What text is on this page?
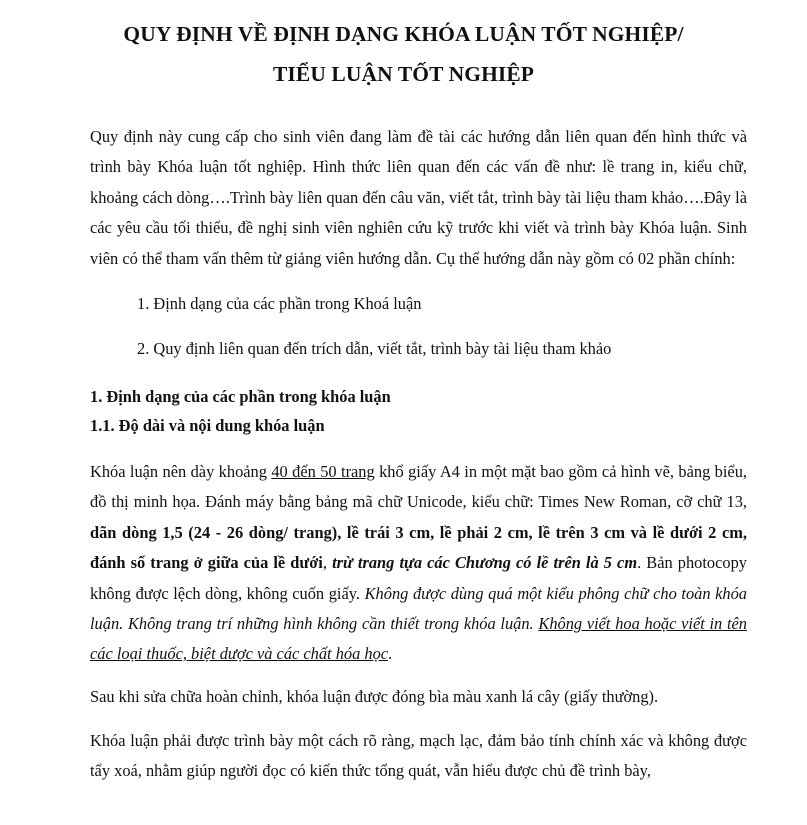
QUY ĐỊNH VỀ ĐỊNH DẠNG KHÓA LUẬN TỐT NGHIỆP/
TIỂU LUẬN TỐT NGHIỆP

Quy định này cung cấp cho sinh viên đang làm đề tài các hướng dẫn liên quan đến hình thức và trình bày Khóa luận tốt nghiệp. Hình thức liên quan đến các vấn đề như: lề trang in, kiểu chữ, khoảng cách dòng….Trình bày liên quan đến câu văn, viết tắt, trình bày tài liệu tham khảo….Đây là các yêu cầu tối thiểu, đề nghị sinh viên nghiên cứu kỹ trước khi viết và trình bày Khóa luận. Sinh viên có thể tham vấn thêm từ giảng viên hướng dẫn. Cụ thể hướng dẫn này gồm có 02 phần chính:

1. Định dạng của các phần trong Khoá luận
2. Quy định liên quan đến trích dẫn, viết tắt, trình bày tài liệu tham khảo
1. Định dạng của các phần trong khóa luận
1.1. Độ dài và nội dung khóa luận

Khóa luận nên dày khoảng 40 đến 50 trang khổ giấy A4 in một mặt bao gồm cả hình vẽ, bảng biểu, đồ thị minh họa. Đánh máy bằng bảng mã chữ Unicode, kiểu chữ: Times New Roman, cỡ chữ 13, dãn dòng 1,5 (24 - 26 dòng/ trang), lề trái 3 cm, lề phải 2 cm, lề trên 3 cm và lề dưới 2 cm, đánh số trang ở giữa của lề dưới, trừ trang tựa các Chương có lề trên là 5 cm. Bản photocopy không được lệch dòng, không cuốn giấy. Không được dùng quá một kiểu phông chữ cho toàn khóa luận. Không trang trí những hình không cần thiết trong khóa luận. Không viết hoa hoặc viết in tên các loại thuốc, biệt dược và các chất hóa học.

Sau khi sửa chữa hoàn chỉnh, khóa luận được đóng bìa màu xanh lá cây (giấy thường).

Khóa luận phải được trình bày một cách rõ ràng, mạch lạc, đảm bảo tính chính xác và không được tẩy xoá, nhằm giúp người đọc có kiến thức tổng quát, vẫn hiểu được chủ đề trình bày,
